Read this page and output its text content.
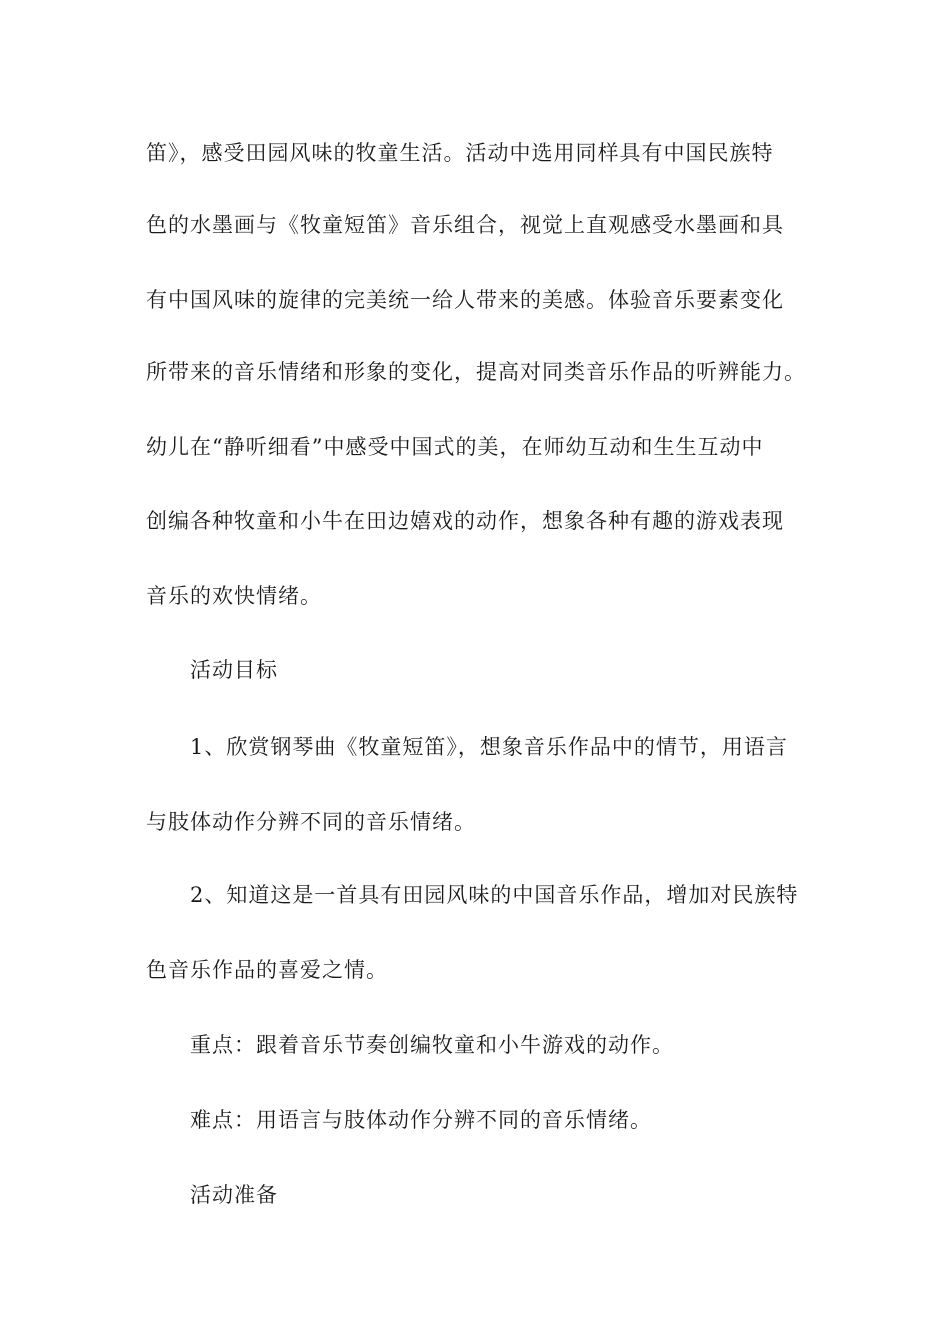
笛》，感受田园风味的牧童生活。活动中选用同样具有中国民族特
色的水墨画与《牧童短笛》音乐组合，视觉上直观感受水墨画和具
有中国风味的旋律的完美统一给人带来的美感。体验音乐要素变化
所带来的音乐情绪和形象的变化，提高对同类音乐作品的听辨能力。
幼儿在“静听细看”中感受中国式的美，在师幼互动和生生互动中
创编各种牧童和小牛在田边嬉戏的动作，想象各种有趣的游戏表现
音乐的欢快情绪。
活动目标
1、欣赏钢琴曲《牧童短笛》，想象音乐作品中的情节，用语言
与肢体动作分辨不同的音乐情绪。
2、知道这是一首具有田园风味的中国音乐作品，增加对民族特
色音乐作品的喜爱之情。
重点：跟着音乐节奏创编牧童和小牛游戏的动作。
难点：用语言与肢体动作分辨不同的音乐情绪。
活动准备
